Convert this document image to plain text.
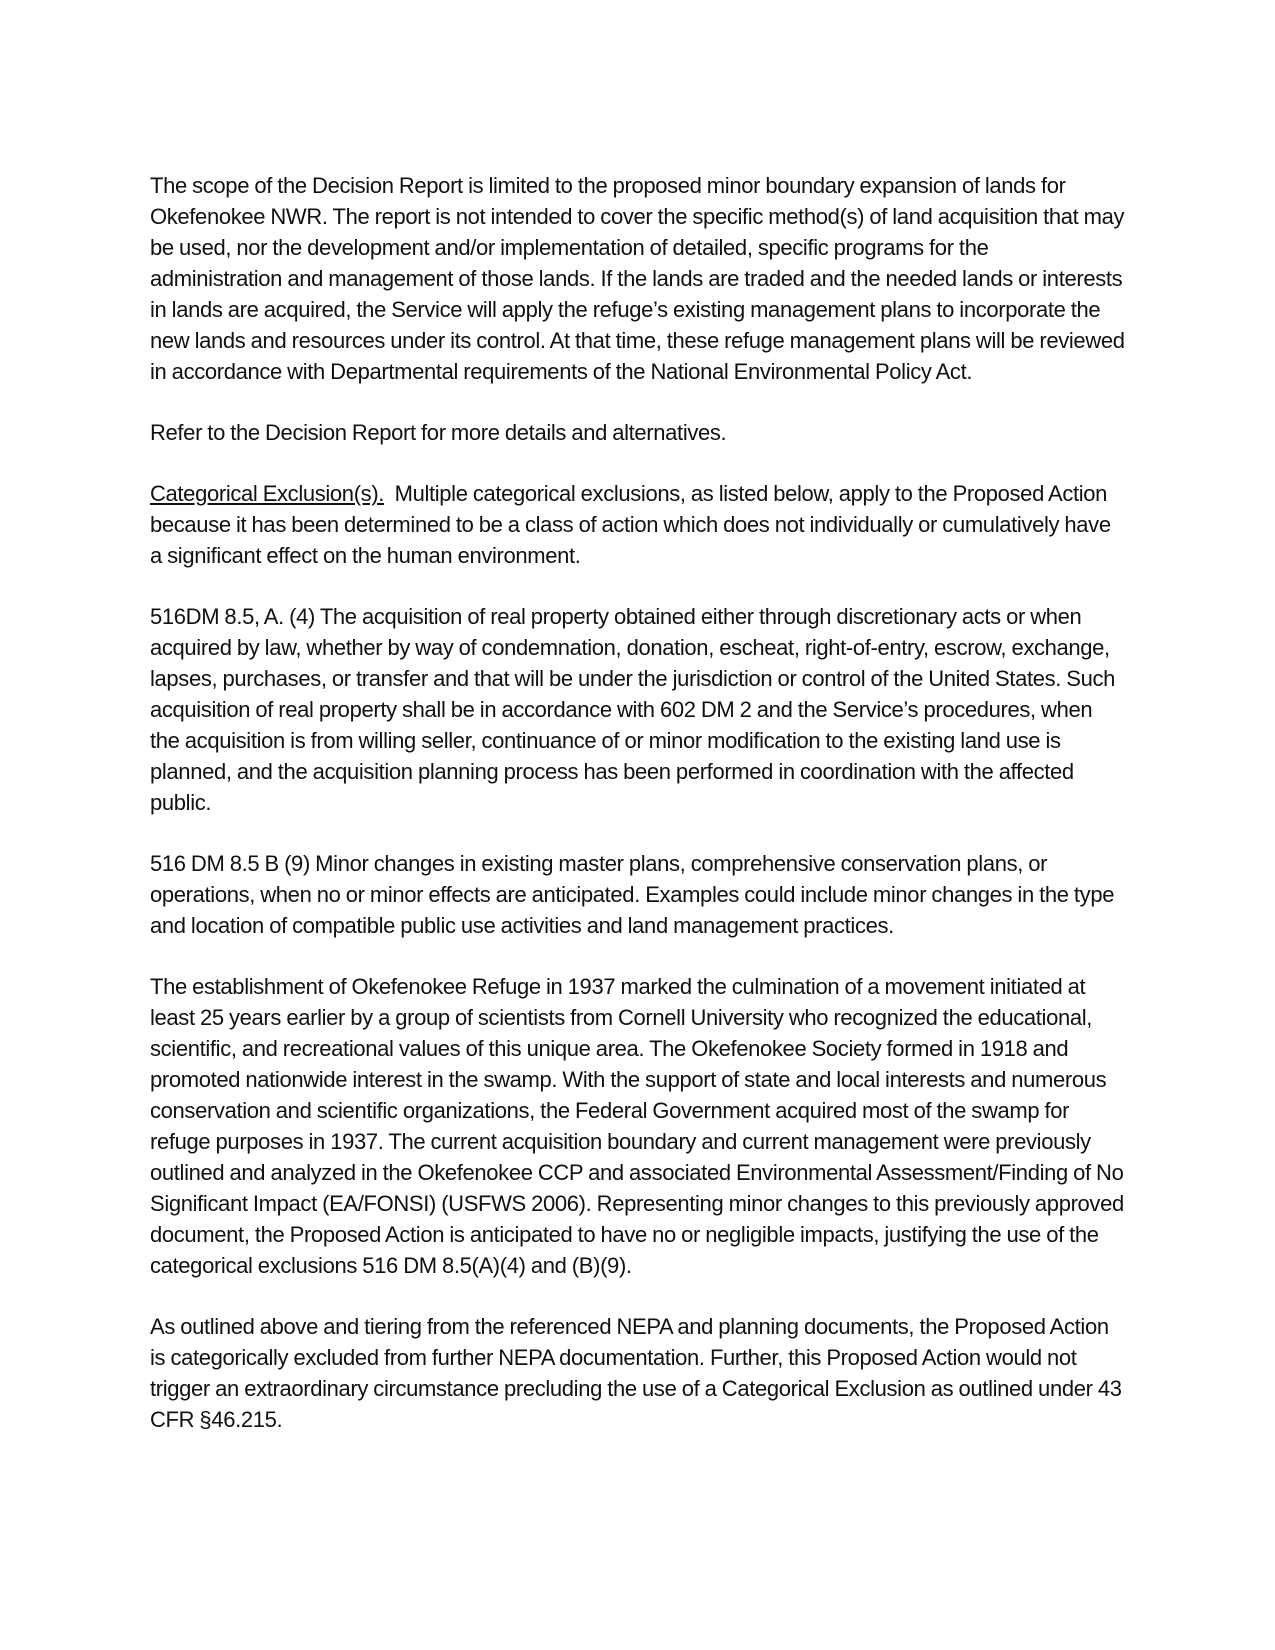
The scope of the Decision Report is limited to the proposed minor boundary expansion of lands for Okefenokee NWR. The report is not intended to cover the specific method(s) of land acquisition that may be used, nor the development and/or implementation of detailed, specific programs for the administration and management of those lands. If the lands are traded and the needed lands or interests in lands are acquired, the Service will apply the refuge’s existing management plans to incorporate the new lands and resources under its control. At that time, these refuge management plans will be reviewed in accordance with Departmental requirements of the National Environmental Policy Act.

Refer to the Decision Report for more details and alternatives.

Categorical Exclusion(s).  Multiple categorical exclusions, as listed below, apply to the Proposed Action because it has been determined to be a class of action which does not individually or cumulatively have a significant effect on the human environment.

516DM 8.5, A. (4) The acquisition of real property obtained either through discretionary acts or when acquired by law, whether by way of condemnation, donation, escheat, right-of-entry, escrow, exchange, lapses, purchases, or transfer and that will be under the jurisdiction or control of the United States. Such acquisition of real property shall be in accordance with 602 DM 2 and the Service’s procedures, when the acquisition is from willing seller, continuance of or minor modification to the existing land use is planned, and the acquisition planning process has been performed in coordination with the affected public.

516 DM 8.5 B (9) Minor changes in existing master plans, comprehensive conservation plans, or operations, when no or minor effects are anticipated. Examples could include minor changes in the type and location of compatible public use activities and land management practices.

The establishment of Okefenokee Refuge in 1937 marked the culmination of a movement initiated at least 25 years earlier by a group of scientists from Cornell University who recognized the educational, scientific, and recreational values of this unique area. The Okefenokee Society formed in 1918 and promoted nationwide interest in the swamp. With the support of state and local interests and numerous conservation and scientific organizations, the Federal Government acquired most of the swamp for refuge purposes in 1937. The current acquisition boundary and current management were previously outlined and analyzed in the Okefenokee CCP and associated Environmental Assessment/Finding of No Significant Impact (EA/FONSI) (USFWS 2006). Representing minor changes to this previously approved document, the Proposed Action is anticipated to have no or negligible impacts, justifying the use of the categorical exclusions 516 DM 8.5(A)(4) and (B)(9).

As outlined above and tiering from the referenced NEPA and planning documents, the Proposed Action is categorically excluded from further NEPA documentation. Further, this Proposed Action would not trigger an extraordinary circumstance precluding the use of a Categorical Exclusion as outlined under 43 CFR §46.215.
